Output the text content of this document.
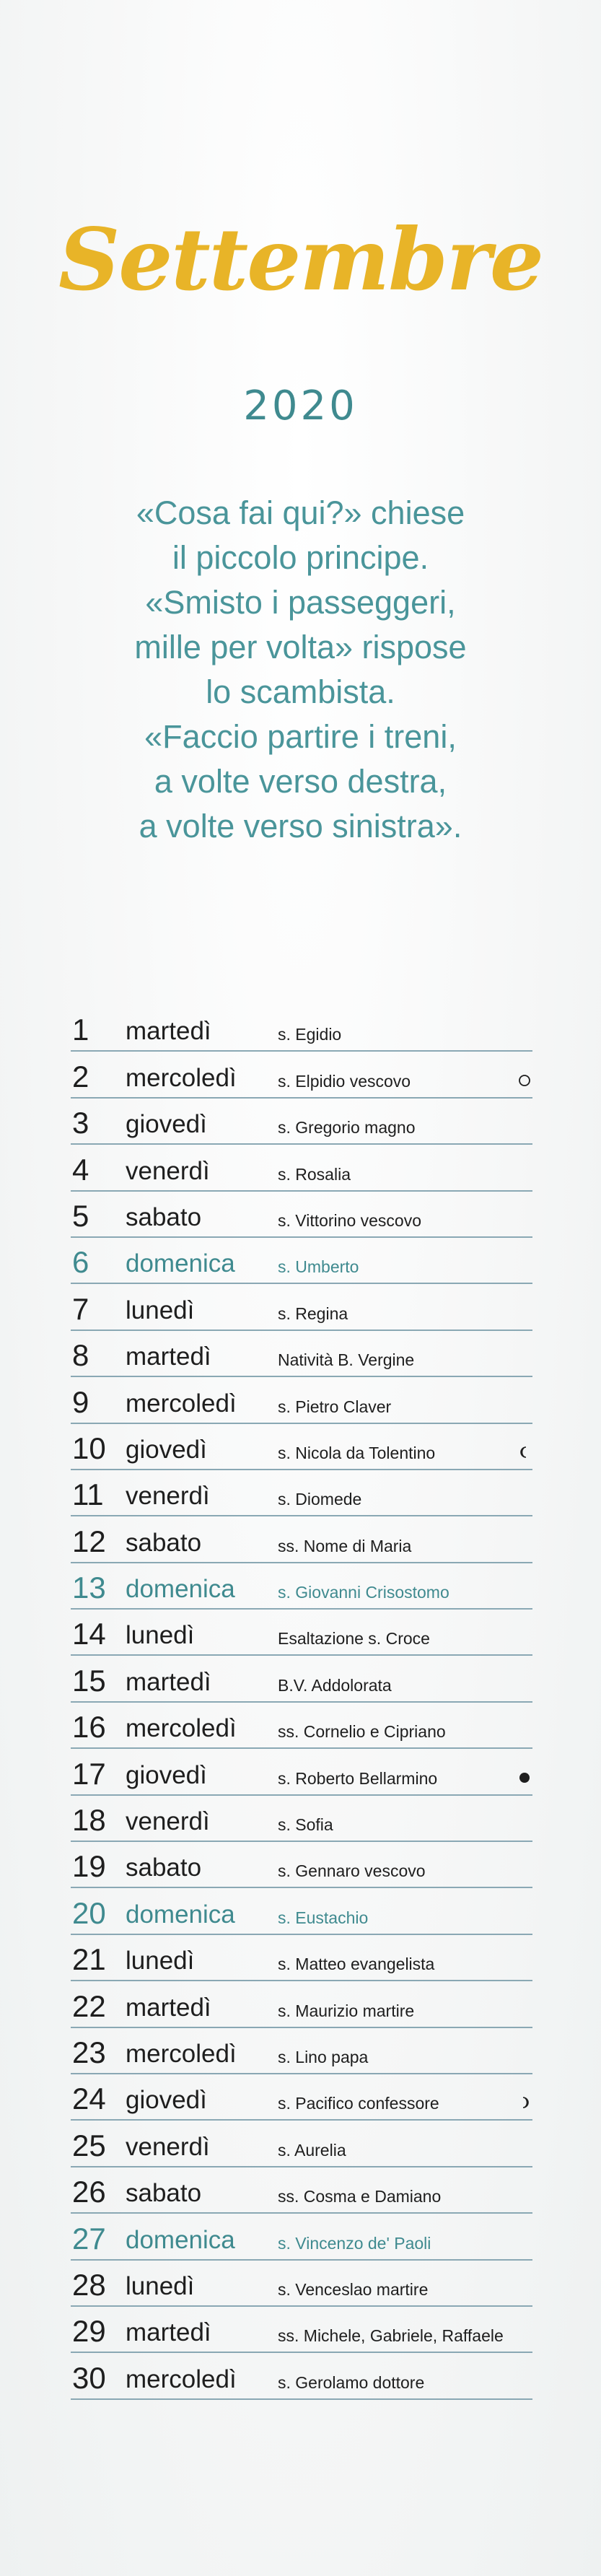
Settembre
2020
«Cosa fai qui?» chiese
il piccolo principe.
«Smisto i passeggeri,
mille per volta» rispose
lo scambista.
«Faccio partire i treni,
a volte verso destra,
a volte verso sinistra».
1 martedì	s. Egidio
2 mercoledì s. Elpidio vescovo
3 giovedì	s. Gregorio magno
4 venerdì	s. Rosalia
5 sabato	s. Vittorino vescovo
6 domenica	s. Umberto
7 lunedì	s. Regina
8 martedì	Natività B. Vergine
9 mercoledì s. Pietro Claver
10 giovedì	s. Nicola da Tolentino
11 venerdì	s. Diomede
12 sabato	ss. Nome di Maria
13 domenica	s. Giovanni Crisostomo
14 lunedì	Esaltazione s. Croce
15 martedì	B.V. Addolorata
16 mercoledì ss. Cornelio e Cipriano
17 giovedì	s. Roberto Bellarmino
18 venerdì	s. Sofia
19 sabato	s. Gennaro vescovo
20 domenica	s. Eustachio
21 lunedì	s. Matteo evangelista
22 martedì	s. Maurizio martire
23 mercoledì s. Lino papa
24 giovedì	s. Pacifico confessore
25 venerdì	s. Aurelia
26 sabato	ss. Cosma e Damiano
27 domenica	s. Vincenzo de' Paoli
28 lunedì	s. Venceslao martire
29 martedì	ss. Michele, Gabriele, Raffaele
30 mercoledì s. Gerolamo dottore
